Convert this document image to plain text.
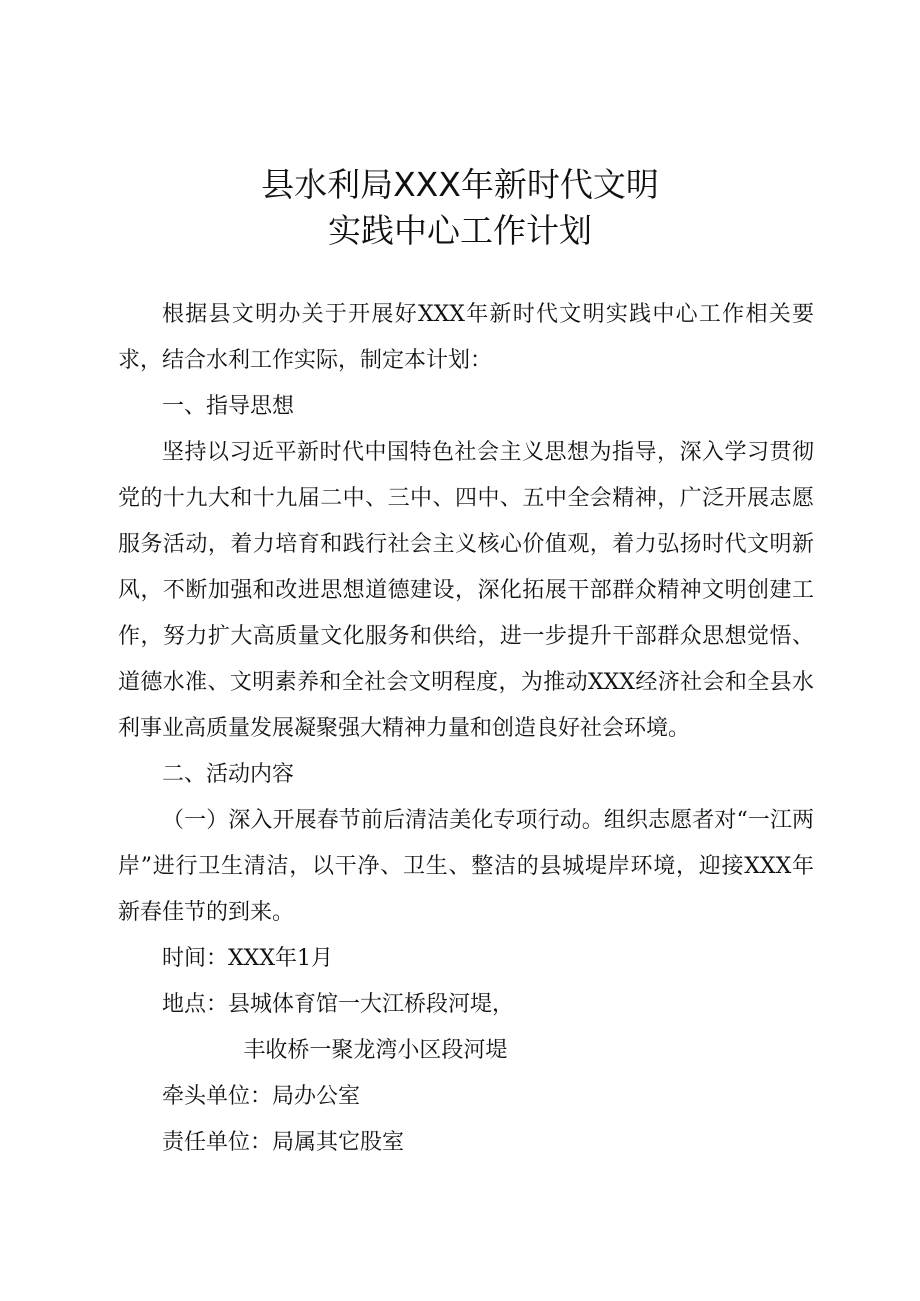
县水利局XXX年新时代文明
实践中心工作计划

根据县文明办关于开展好XXX年新时代文明实践中心工作相关要求，结合水利工作实际，制定本计划：

一、指导思想

坚持以习近平新时代中国特色社会主义思想为指导，深入学习贯彻党的十九大和十九届二中、三中、四中、五中全会精神，广泛开展志愿服务活动，着力培育和践行社会主义核心价值观，着力弘扬时代文明新风，不断加强和改进思想道德建设，深化拓展干部群众精神文明创建工作，努力扩大高质量文化服务和供给，进一步提升干部群众思想觉悟、道德水准、文明素养和全社会文明程度，为推动XXX经济社会和全县水利事业高质量发展凝聚强大精神力量和创造良好社会环境。

二、活动内容

（一）深入开展春节前后清洁美化专项行动。组织志愿者对“一江两岸”进行卫生清洁，以干净、卫生、整洁的县城堤岸环境，迎接XXX年新春佳节的到来。

时间：XXX年1月

地点：县城体育馆一大江桥段河堤，

丰收桥一聚龙湾小区段河堤

牵头单位：局办公室

责任单位：局属其它股室
